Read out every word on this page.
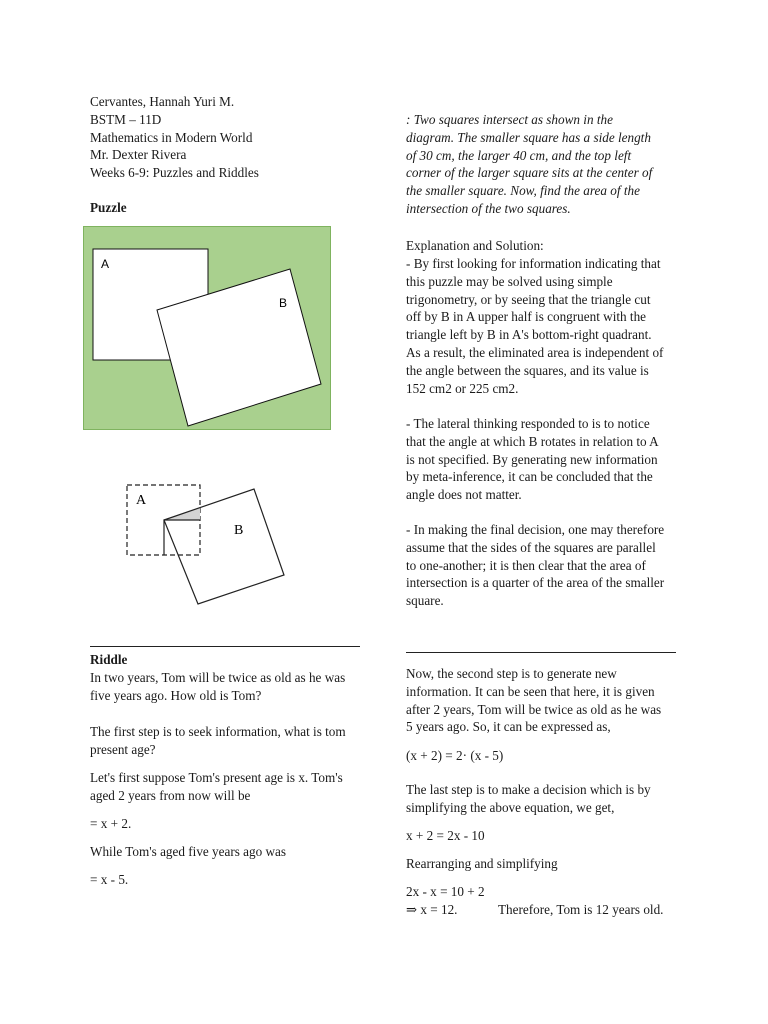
Cervantes, Hannah Yuri M.

BSTM – 11D

Mathematics in Modern World

Mr. Dexter Rivera

Weeks 6-9: Puzzles and Riddles

Puzzle

A
B
A
B

: Two squares intersect as shown in the

diagram. The smaller square has a side length

of 30 cm, the larger 40 cm, and the top left

corner of the larger square sits at the center of

the smaller square. Now, find the area of the

intersection of the two squares.

Explanation and Solution:

- By first looking for information indicating that

this puzzle may be solved using simple

trigonometry, or by seeing that the triangle cut

off by B in A upper half is congruent with the

triangle left by B in A's bottom-right quadrant.

As a result, the eliminated area is independent of

the angle between the squares, and its value is

152 cm2 or 225 cm2.

- The lateral thinking responded to is to notice

that the angle at which B rotates in relation to A

is not specified. By generating new information

by meta-inference, it can be concluded that the

angle does not matter.

- In making the final decision, one may therefore

assume that the sides of the squares are parallel

to one-another; it is then clear that the area of

intersection is a quarter of the area of the smaller

square.

Riddle

In two years, Tom will be twice as old as he was

five years ago. How old is Tom?

The first step is to seek information, what is tom

present age?

Let's first suppose Tom's present age is x. Tom's

aged 2 years from now will be

= x + 2.

While Tom's aged five years ago was

= x - 5.

Now, the second step is to generate new

information. It can be seen that here, it is given

after 2 years, Tom will be twice as old as he was

5 years ago. So, it can be expressed as,

(x + 2) = 2· (x - 5)

The last step is to make a decision which is by

simplifying the above equation, we get,

x + 2 = 2x - 10

Rearranging and simplifying

2x - x = 10 + 2

⇒ x = 12.	Therefore, Tom is 12 years old.
